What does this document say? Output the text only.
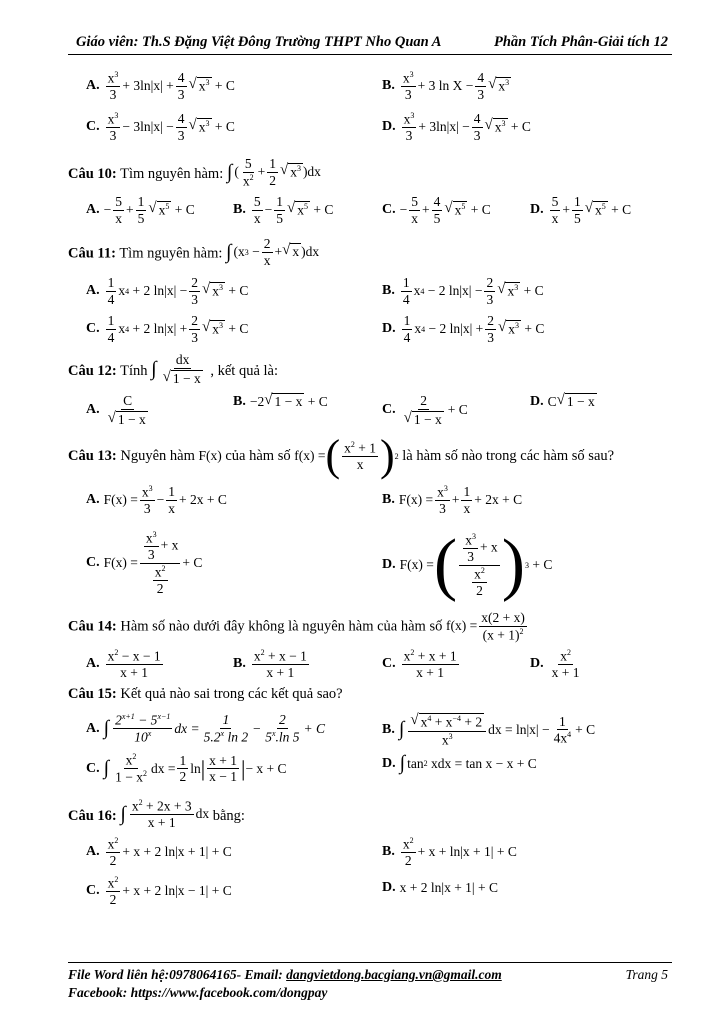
Giáo viên: Th.S Đặng Việt Đông Trường THPT Nho Quan A	Phần Tích Phân-Giải tích 12
A. $\frac{x^3}{3} + 3\ln|x| + \frac{4}{3}$ √ $x^3 + C$	B. $\frac{x^3}{3} + 3$ $\ln X - \frac{4}{3}$ √ $x^3$
C. $\frac{x^3}{3} - 3\ln|x| - \frac{4}{3}$ √ $x^3 + C$	D. $\frac{x^3}{3} + 3\ln|x| - \frac{4}{3}$ √ $x^3 + C$
Câu 10: Tìm nguyên hàm: ∫ ( $\frac{5}{x^2} + \frac{1}{2}$ √ $x^3$ )dx
A. − $\frac{5}{x} + \frac{1}{5}$ √ $x^5 + C$	B. $\frac{5}{x} - \frac{1}{5}$ √ $x^5 + C$	C. − $\frac{5}{x} + \frac{4}{5}$ √ $x^5 + C$	D. $\frac{5}{x} + \frac{1}{5}$ √ $x^5 + C$
Câu 11: Tìm nguyên hàm: ∫ (x $3 - \frac{2}{x}$ + √ x )dx
A. $\frac{1}{4}$ x 4 + 2 $\ln|x| - \frac{2}{3}$ √ $x^3 + C$	B. $\frac{1}{4}$ x 4 − 2 $\ln|x| - \frac{2}{3}$ √ $x^3 + C$
C. $\frac{1}{4}$ x 4 + 2 $\ln|x| + \frac{2}{3}$ √ $x^3 + C$	D. $\frac{1}{4}$ x 4 − 2 $\ln|x| + \frac{2}{3}$ √ $x^3 + C$
Câu 12: Tính ∫ $\frac{dx}{√ 1 - x}$ , kết quả là:
A. $\frac{C}{√ 1 - x}$	B. −2 √ 1 − x + C
C. $\frac{2}{√ 1 - x} + C$
D. C √ 1 − x
Câu 13: Nguyên hàm F(x) của hàm số f(x) = ( $\frac{x^2 + 1}{x}$ ) 2 là hàm số nào trong các hàm số sau?
A. $F(x) = \frac{x^3}{3} - \frac{1}{x} + 2x + C$	B. $F(x) = \frac{x^3}{3} + \frac{1}{x} + 2x + C$
C. $F(x) = \frac{\frac{x^3}{3} + x}{\frac{x^2}{2}} + C$	D. F(x) = ( $\frac{\frac{x^3}{3} + x}{\frac{x^2}{2}}$ ) 3 + C
Câu 14: Hàm số nào dưới đây không là nguyên hàm của hàm số $f(x) = \frac{x(2 + x)}{(x + 1)^2}$
A. $\frac{x^2 - x - 1}{x + 1}$	B. $\frac{x^2 + x - 1}{x + 1}$	C. $\frac{x^2 + x + 1}{x + 1}$	D. $\frac{x^2}{x + 1}$
Câu 15: Kết quả nào sai trong các kết quả sao?
A. ∫ $\frac{2^{x+1} - 5^{x-1}}{10^x}$ dx = $\frac{1}{5.2^x \ln 2} - \frac{2}{5^x.\ln 5} + C$	B. ∫ $\frac{√ x^4 + x^{-4} + 2}{x^3}$ dx = $\ln|x| - \frac{1}{4x^4} + C$
C. ∫ $\frac{x^2}{1 - x^2}$ dx = $\frac{1}{2}$ ln | $\frac{x + 1}{x - 1}$ | − x + C	D. ∫ tan 2 xdx = tan x − x + C
Câu 16: ∫ $\frac{x^2 + 2x + 3}{x + 1}$ dx bằng:
A. $\frac{x^2}{2} + x + 2$ ln|x + 1| + C	B. $\frac{x^2}{2} + x + \ln|x + 1| + C$
C. $\frac{x^2}{2} + x + 2$ ln|x − 1| + C	D. x + 2 ln|x + 1| + C
File Word liên hệ:0978064165- Email: dangvietdong.bacgiang.vn@gmail.com	Trang 5
Facebook: https://www.facebook.com/dongpay
